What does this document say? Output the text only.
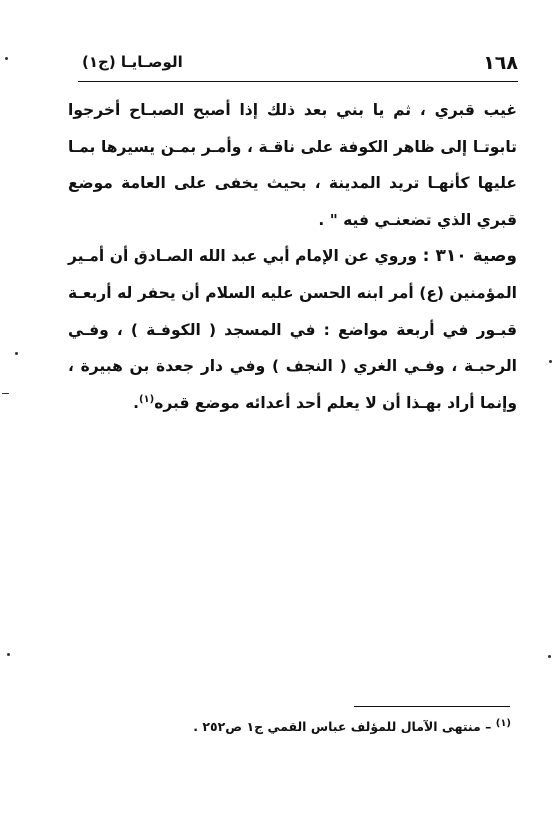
١٦٨
الوصـايـا (ج١)

غيب قبري ، ثم يا بني بعد ذلك إذا أصبح الصبـاح أخرجوا تابوتـا إلى ظاهر الكوفة على ناقـة ، وأمـر بمـن يسيرها بمـا عليها كأنهـا تريد المدينة ، بحيث يخفى على العامة موضع قبري الذي تضعنـي فيه " .

وصية ٣١٠ : وروي عن الإمام أبي عبد الله الصـادق أن أمـير المؤمنين (ع) أمر ابنه الحسن عليه السلام أن يحفر له أربعـة قبـور في أربعة مواضع : في المسجد ( الكوفـة ) ، وفـي الرحبـة ، وفـي الغري ( النجف ) وفي دار جعدة بن هبيرة ، وإنما أراد بهـذا أن لا يعلم أحد أعدائه موضع قبره$^{(١)}$.

$^{(١)}$ – منتهى الآمال للمؤلف عباس القمي ج١ ص٢٥٢ .
